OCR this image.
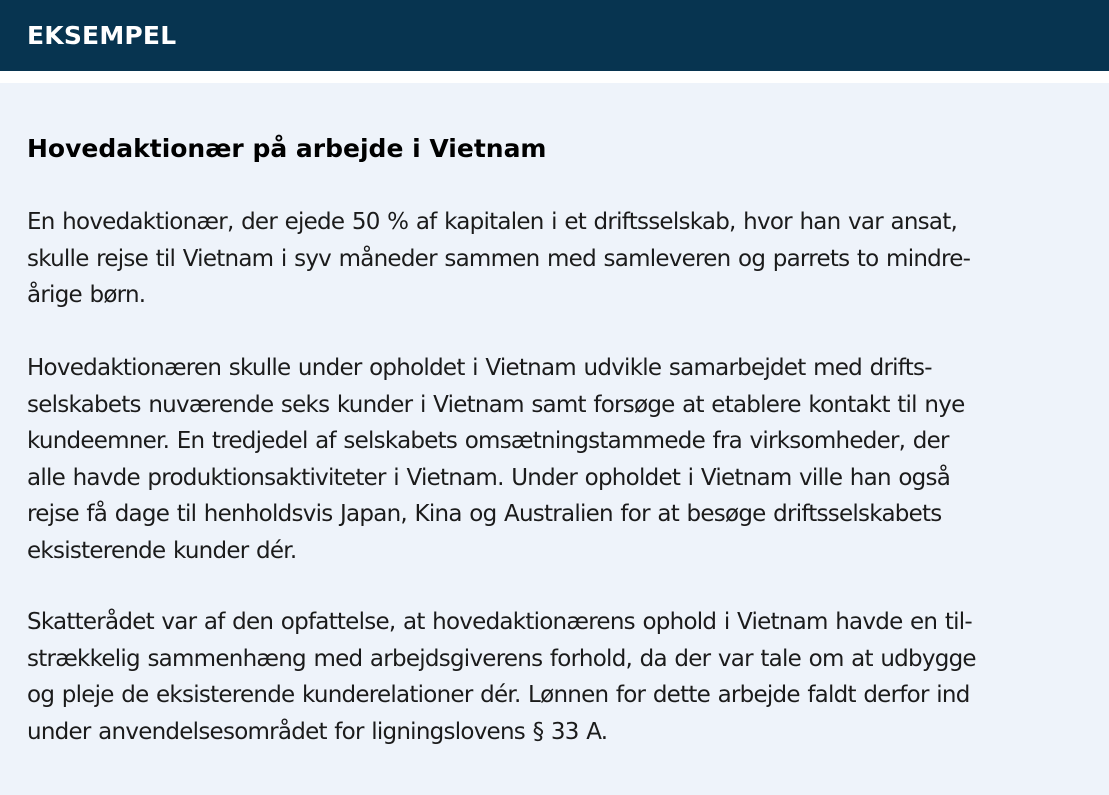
EKSEMPEL
Hovedaktionær på arbejde i Vietnam

En hovedaktionær, der ejede 50 % af kapitalen i et driftsselskab, hvor han var ansat,
skulle rejse til Vietnam i syv måneder sammen med samleveren og parrets to mindre-
årige børn.

Hovedaktionæren skulle under opholdet i Vietnam udvikle samarbejdet med drifts-
selskabets nuværende seks kunder i Vietnam samt forsøge at etablere kontakt til nye
kundeemner. En tredjedel af selskabets omsætningstammede fra virksomheder, der
alle havde produktionsaktiviteter i Vietnam. Under opholdet i Vietnam ville han også
rejse få dage til henholdsvis Japan, Kina og Australien for at besøge driftsselskabets
eksisterende kunder dér.

Skatterådet var af den opfattelse, at hovedaktionærens ophold i Vietnam havde en til-
strækkelig sammenhæng med arbejdsgiverens forhold, da der var tale om at udbygge
og pleje de eksisterende kunderelationer dér. Lønnen for dette arbejde faldt derfor ind
under anvendelsesområdet for ligningslovens § 33 A.
